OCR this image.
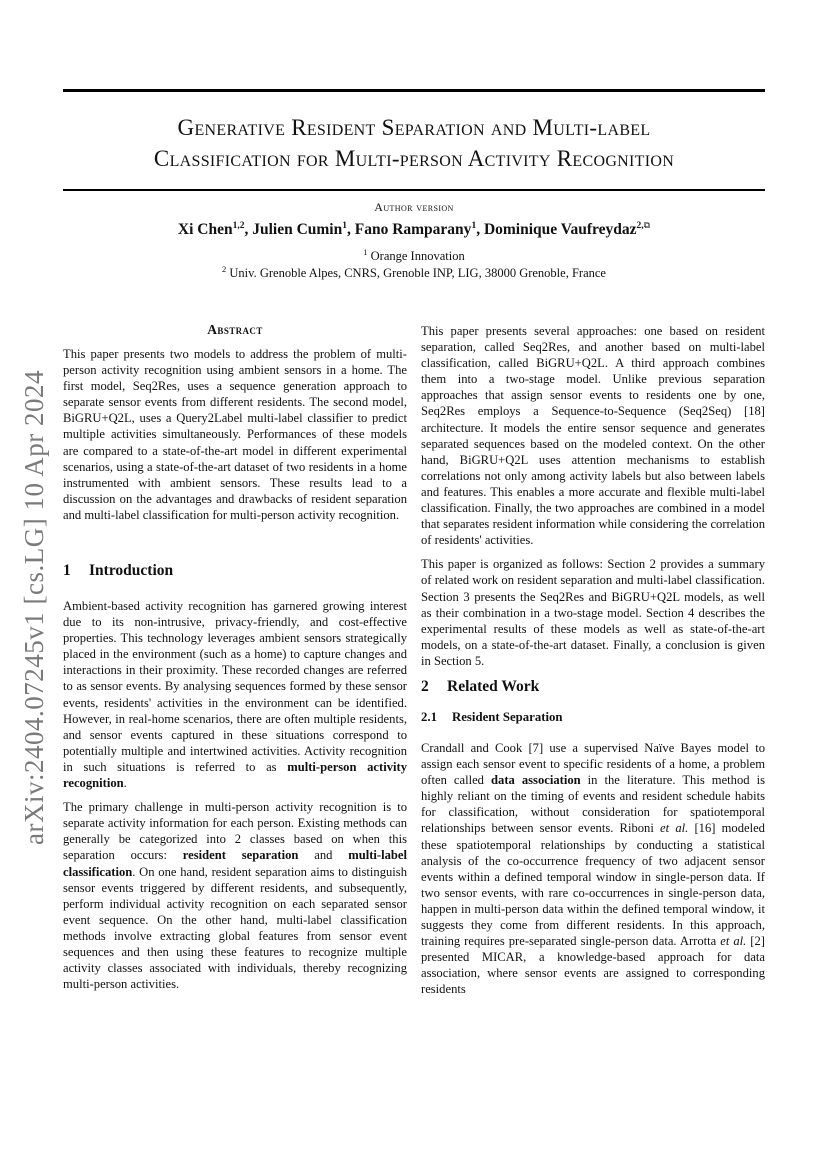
Generative Resident Separation and Multi-label
Classification for Multi-person Activity Recognition
Author version
Xi Chen$^{1,2}$, Julien Cumin$^1$, Fano Ramparany$^1$, Dominique Vaufreydaz$^{2,}$⧉
$^1$ Orange Innovation
$^2$ Univ. Grenoble Alpes, CNRS, Grenoble INP, LIG, 38000 Grenoble, France
arXiv:2404.07245v1 [cs.LG] 10 Apr 2024
Abstract

This paper presents two models to address the problem of multi-person activity recognition using ambient sensors in a home. The first model, Seq2Res, uses a sequence generation approach to separate sensor events from different residents. The second model, BiGRU+Q2L, uses a Query2Label multi-label classifier to predict multiple activities simultaneously. Performances of these models are compared to a state-of-the-art model in different experimental scenarios, using a state-of-the-art dataset of two residents in a home instrumented with ambient sensors. These results lead to a discussion on the advantages and drawbacks of resident separation and multi-label classification for multi-person activity recognition.

1 Introduction

Ambient-based activity recognition has garnered growing interest due to its non-intrusive, privacy-friendly, and cost-effective properties. This technology leverages ambient sensors strategically placed in the environment (such as a home) to capture changes and interactions in their proximity. These recorded changes are referred to as sensor events. By analysing sequences formed by these sensor events, residents' activities in the environment can be identified. However, in real-home scenarios, there are often multiple residents, and sensor events captured in these situations correspond to potentially multiple and intertwined activities. Activity recognition in such situations is referred to as multi-person activity recognition.

The primary challenge in multi-person activity recognition is to separate activity information for each person. Existing methods can generally be categorized into 2 classes based on when this separation occurs: resident separation and multi-label classification. On one hand, resident separation aims to distinguish sensor events triggered by different residents, and subsequently, perform individual activity recognition on each separated sensor event sequence. On the other hand, multi-label classification methods involve extracting global features from sensor event sequences and then using these features to recognize multiple activity classes associated with individuals, thereby recognizing multi-person activities.

This paper presents several approaches: one based on resident separation, called Seq2Res, and another based on multi-label classification, called BiGRU+Q2L. A third approach combines them into a two-stage model. Unlike previous separation approaches that assign sensor events to residents one by one, Seq2Res employs a Sequence-to-Sequence (Seq2Seq) [18] architecture. It models the entire sensor sequence and generates separated sequences based on the modeled context. On the other hand, BiGRU+Q2L uses attention mechanisms to establish correlations not only among activity labels but also between labels and features. This enables a more accurate and flexible multi-label classification. Finally, the two approaches are combined in a model that separates resident information while considering the correlation of residents' activities.

This paper is organized as follows: Section 2 provides a summary of related work on resident separation and multi-label classification. Section 3 presents the Seq2Res and BiGRU+Q2L models, as well as their combination in a two-stage model. Section 4 describes the experimental results of these models as well as state-of-the-art models, on a state-of-the-art dataset. Finally, a conclusion is given in Section 5.

2 Related Work
2.1 Resident Separation

Crandall and Cook [7] use a supervised Naïve Bayes model to assign each sensor event to specific residents of a home, a problem often called data association in the literature. This method is highly reliant on the timing of events and resident schedule habits for classification, without consideration for spatiotemporal relationships between sensor events. Riboni et al. [16] modeled these spatiotemporal relationships by conducting a statistical analysis of the co-occurrence frequency of two adjacent sensor events within a defined temporal window in single-person data. If two sensor events, with rare co-occurrences in single-person data, happen in multi-person data within the defined temporal window, it suggests they come from different residents. In this approach, training requires pre-separated single-person data. Arrotta et al. [2] presented MICAR, a knowledge-based approach for data association, where sensor events are assigned to corresponding residents
